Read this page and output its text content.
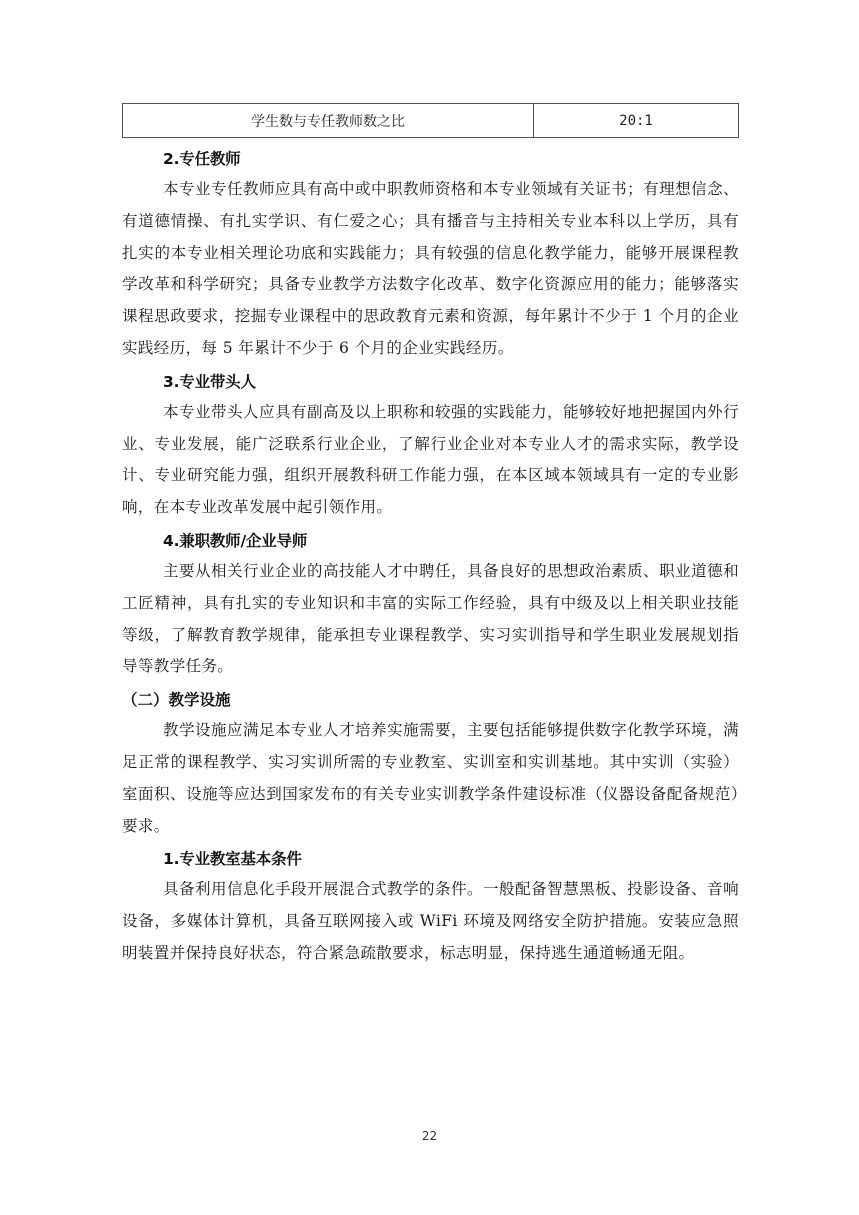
学生数与专任教师数之比	20:1
2.专任教师

本专业专任教师应具有高中或中职教师资格和本专业领域有关证书；有理想信念、有道德情操、有扎实学识、有仁爱之心；具有播音与主持相关专业本科以上学历，具有扎实的本专业相关理论功底和实践能力；具有较强的信息化教学能力，能够开展课程教学改革和科学研究；具备专业教学方法数字化改革、数字化资源应用的能力；能够落实课程思政要求，挖掘专业课程中的思政教育元素和资源，每年累计不少于 1 个月的企业实践经历，每 5 年累计不少于 6 个月的企业实践经历。

3.专业带头人

本专业带头人应具有副高及以上职称和较强的实践能力，能够较好地把握国内外行业、专业发展，能广泛联系行业企业，了解行业企业对本专业人才的需求实际，教学设计、专业研究能力强，组织开展教科研工作能力强，在本区域本领域具有一定的专业影响，在本专业改革发展中起引领作用。

4.兼职教师/企业导师

主要从相关行业企业的高技能人才中聘任，具备良好的思想政治素质、职业道德和工匠精神，具有扎实的专业知识和丰富的实际工作经验，具有中级及以上相关职业技能等级，了解教育教学规律，能承担专业课程教学、实习实训指导和学生职业发展规划指导等教学任务。

（二）教学设施

教学设施应满足本专业人才培养实施需要，主要包括能够提供数字化教学环境，满足正常的课程教学、实习实训所需的专业教室、实训室和实训基地。其中实训（实验）室面积、设施等应达到国家发布的有关专业实训教学条件建设标准（仪器设备配备规范）要求。

1.专业教室基本条件

具备利用信息化手段开展混合式教学的条件。一般配备智慧黑板、投影设备、音响设备，多媒体计算机，具备互联网接入或 WiFi 环境及网络安全防护措施。安装应急照明装置并保持良好状态，符合紧急疏散要求，标志明显，保持逃生通道畅通无阻。

22
